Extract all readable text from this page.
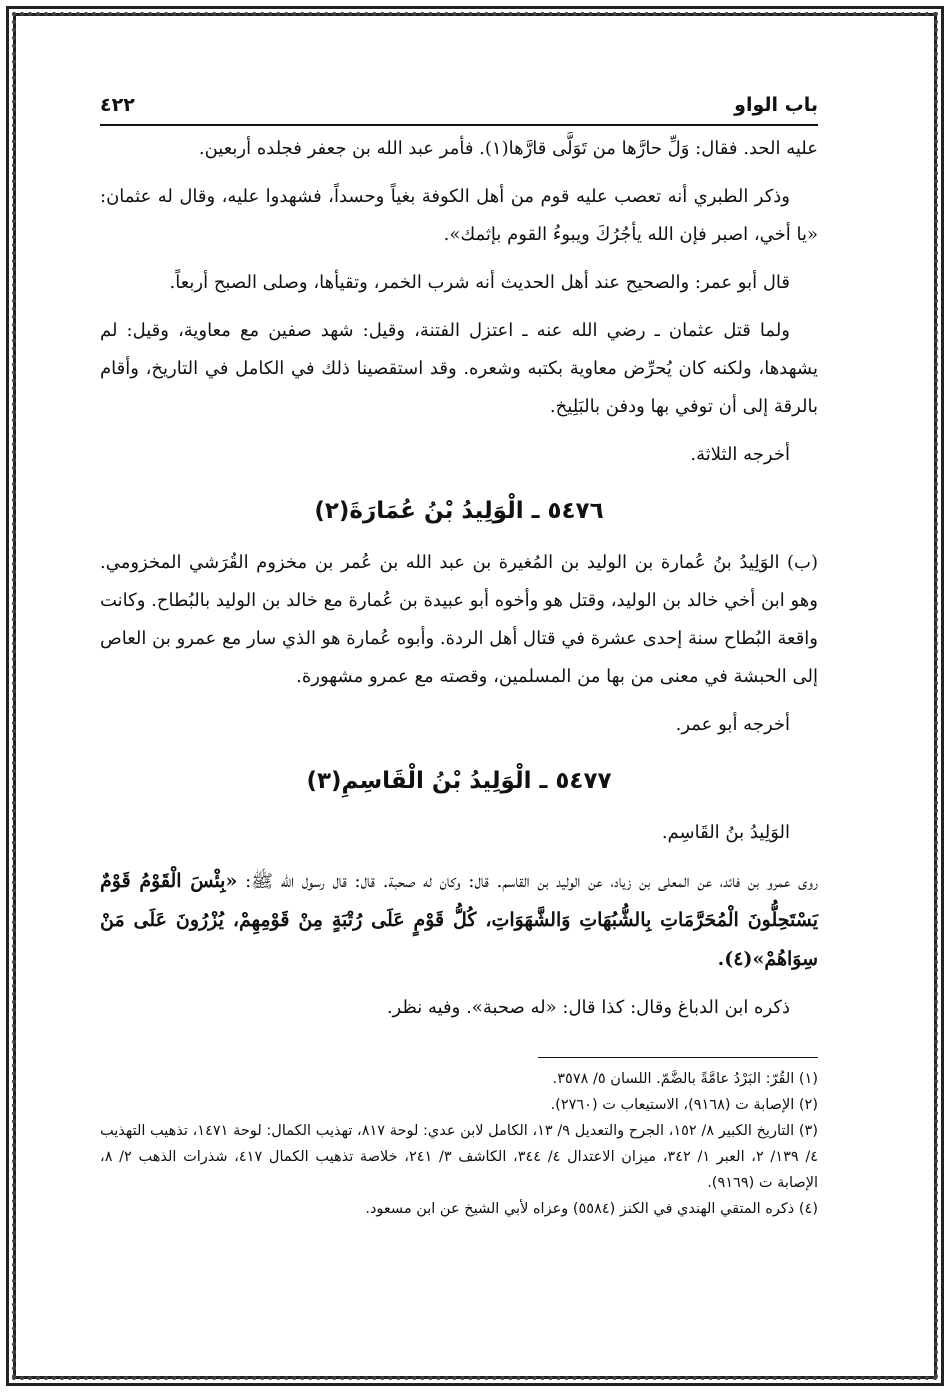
باب الواو
٤٢٢

عليه الحد. فقال: وَلِّ حارَّها من تَوَلَّى قارَّها(١). فأمر عبد الله بن جعفر فجلده أربعين.

وذكر الطبري أنه تعصب عليه قوم من أهل الكوفة بغياً وحسداً، فشهدوا عليه، وقال له عثمان: «يا أخي، اصبر فإن الله يأجُرُكَ ويبوءُ القوم بإثمك».

قال أبو عمر: والصحيح عند أهل الحديث أنه شرب الخمر، وتقيأها، وصلى الصبح أربعاً.

ولما قتل عثمان ـ رضي الله عنه ـ اعتزل الفتنة، وقيل: شهد صفين مع معاوية، وقيل: لم يشهدها، ولكنه كان يُحرِّض معاوية بكتبه وشعره. وقد استقصينا ذلك في الكامل في التاريخ، وأقام بالرقة إلى أن توفي بها ودفن بالبَلِيخ.

أخرجه الثلاثة.

٥٤٧٦ ـ الْوَلِيدُ بْنُ عُمَارَةَ(٢)

(ب) الوَلِيدُ بنُ عُمارة بن الوليد بن المُغيرة بن عبد الله بن عُمر بن مخزوم القُرَشي المخزومي. وهو ابن أخي خالد بن الوليد، وقتل هو وأخوه أبو عبيدة بن عُمارة مع خالد بن الوليد بالبُطاح. وكانت واقعة البُطاح سنة إحدى عشرة في قتال أهل الردة. وأبوه عُمارة هو الذي سار مع عمرو بن العاص إلى الحبشة في معنى من بها من المسلمين، وقصته مع عمرو مشهورة.

أخرجه أبو عمر.

٥٤٧٧ ـ الْوَلِيدُ بْنُ الْقَاسِمِ(٣)

الوَلِيدُ بنُ القَاسِم.

روى عمرو بن فائد، عن المعلى بن زياد، عن الوليد بن القاسم. قال: وكان له صحبة. قال: قال رسول الله ﷺ: «بِئْسَ الْقَوْمُ قَوْمٌ يَسْتَحِلُّونَ الْمُحَرَّمَاتِ بِالشُّبُهَاتِ وَالشَّهَوَاتِ، كُلُّ قَوْمٍ عَلَى رُتْبَةٍ مِنْ قَوْمِهِمْ، يُزْرُونَ عَلَى مَنْ سِوَاهُمْ»(٤).

ذكره ابن الدباغ وقال: كذا قال: «له صحبة». وفيه نظر.

(١) القُرّ: البَرْدُ عامَّةً بالضَّمّ. اللسان ٥/ ٣٥٧٨.

(٢) الإصابة ت (٩١٦٨)، الاستيعاب ت (٢٧٦٠).

(٣) التاريخ الكبير ٨/ ١٥٢، الجرح والتعديل ٩/ ١٣، الكامل لابن عدي: لوحة ٨١٧، تهذيب الكمال: لوحة ١٤٧١، تذهيب التهذيب ٤/ ١٣٩/ ٢، العبر ١/ ٣٤٢، ميزان الاعتدال ٤/ ٣٤٤، الكاشف ٣/ ٢٤١، خلاصة تذهيب الكمال ٤١٧، شذرات الذهب ٢/ ٨، الإصابة ت (٩١٦٩).

(٤) ذكره المتقي الهندي في الكنز (٥٥٨٤) وعزاه لأبي الشيخ عن ابن مسعود.
